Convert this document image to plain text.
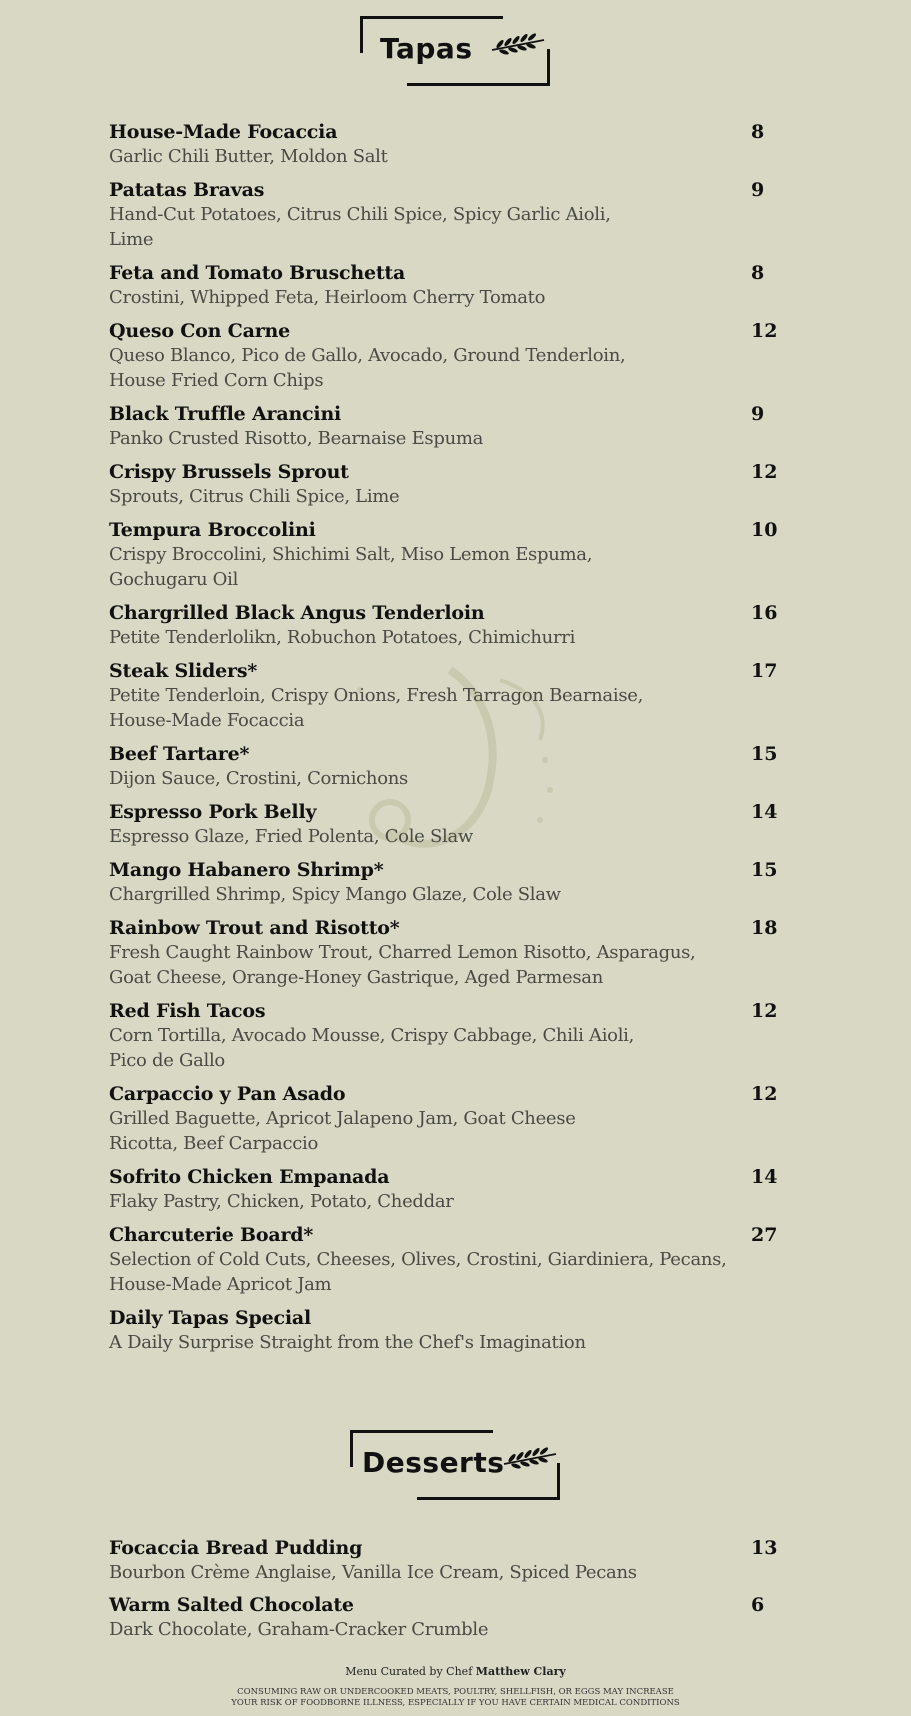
Tapas
House-Made Focaccia
Garlic Chili Butter, Moldon Salt
8
Patatas Bravas
Hand-Cut Potatoes, Citrus Chili Spice, Spicy Garlic Aioli,
Lime
9
Feta and Tomato Bruschetta
Crostini, Whipped Feta, Heirloom Cherry Tomato
8
Queso Con Carne
Queso Blanco, Pico de Gallo, Avocado, Ground Tenderloin,
House Fried Corn Chips
12
Black Truffle Arancini
Panko Crusted Risotto, Bearnaise Espuma
9
Crispy Brussels Sprout
Sprouts, Citrus Chili Spice, Lime
12
Tempura Broccolini
Crispy Broccolini, Shichimi Salt, Miso Lemon Espuma,
Gochugaru Oil
10
Chargrilled Black Angus Tenderloin
Petite Tenderlolikn, Robuchon Potatoes, Chimichurri
16
Steak Sliders*
Petite Tenderloin, Crispy Onions, Fresh Tarragon Bearnaise,
House-Made Focaccia
17
Beef Tartare*
Dijon Sauce, Crostini, Cornichons
15
Espresso Pork Belly
Espresso Glaze, Fried Polenta, Cole Slaw
14
Mango Habanero Shrimp*
Chargrilled Shrimp, Spicy Mango Glaze, Cole Slaw
15
Rainbow Trout and Risotto*
Fresh Caught Rainbow Trout, Charred Lemon Risotto, Asparagus,
Goat Cheese, Orange-Honey Gastrique, Aged Parmesan
18
Red Fish Tacos
Corn Tortilla, Avocado Mousse, Crispy Cabbage, Chili Aioli,
Pico de Gallo
12
Carpaccio y Pan Asado
Grilled Baguette, Apricot Jalapeno Jam, Goat Cheese
Ricotta, Beef Carpaccio
12
Sofrito Chicken Empanada
Flaky Pastry, Chicken, Potato, Cheddar
14
Charcuterie Board*
Selection of Cold Cuts, Cheeses, Olives, Crostini, Giardiniera, Pecans,
House-Made Apricot Jam
27
Daily Tapas Special
A Daily Surprise Straight from the Chef's Imagination
Desserts
Focaccia Bread Pudding
Bourbon Crème Anglaise, Vanilla Ice Cream, Spiced Pecans
13
Warm Salted Chocolate
Dark Chocolate, Graham-Cracker Crumble
6
Menu Curated by Chef Matthew Clary
CONSUMING RAW OR UNDERCOOKED MEATS, POULTRY, SHELLFISH, OR EGGS MAY INCREASE
YOUR RISK OF FOODBORNE ILLNESS, ESPECIALLY IF YOU HAVE CERTAIN MEDICAL CONDITIONS
